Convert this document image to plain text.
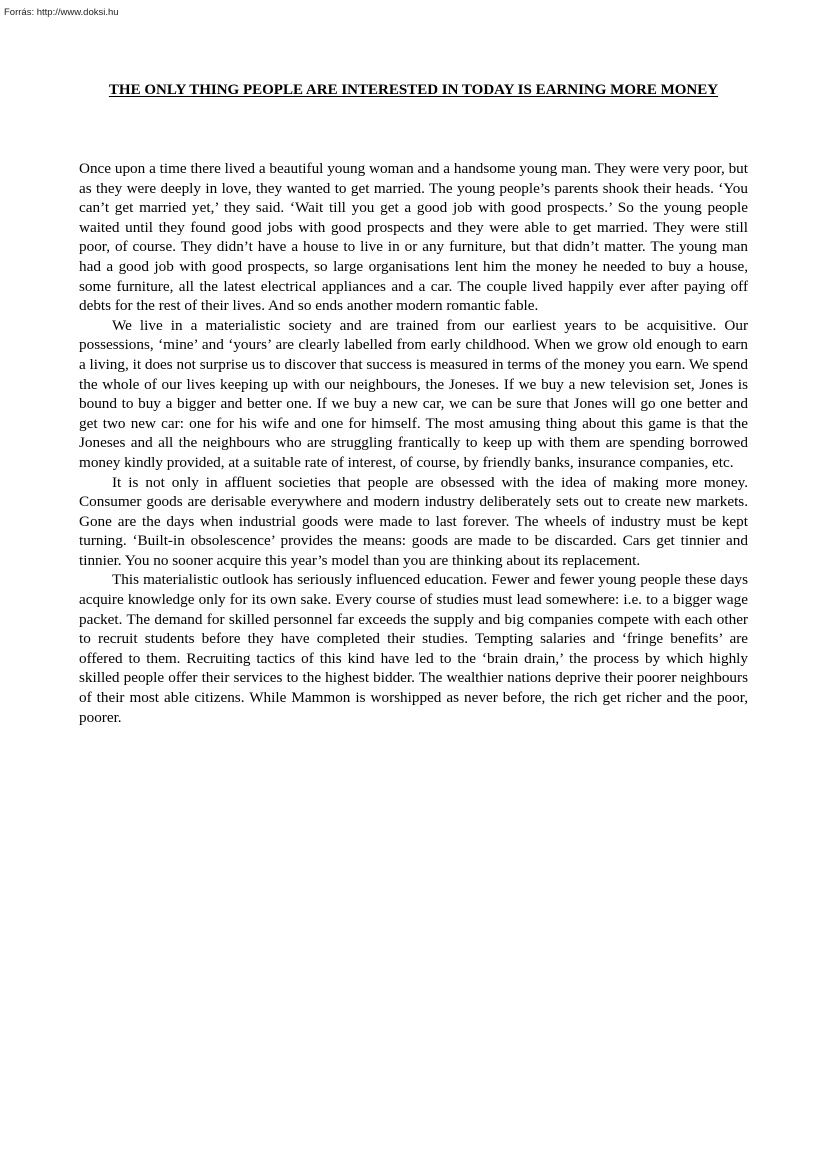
Forrás: http://www.doksi.hu
THE ONLY THING PEOPLE ARE INTERESTED IN TODAY IS EARNING MORE MONEY

Once upon a time there lived a beautiful young woman and a handsome young man. They were very poor, but as they were deeply in love, they wanted to get married. The young people’s parents shook their heads. ‘You can’t get married yet,’ they said. ‘Wait till you get a good job with good prospects.’ So the young people waited until they found good jobs with good prospects and they were able to get married. They were still poor, of course. They didn’t have a house to live in or any furniture, but that didn’t matter. The young man had a good job with good prospects, so large organisations lent him the money he needed to buy a house, some furniture, all the latest electrical appliances and a car. The couple lived happily ever after paying off debts for the rest of their lives. And so ends another modern romantic fable.

We live in a materialistic society and are trained from our earliest years to be acquisitive. Our possessions, ‘mine’ and ‘yours’ are clearly labelled from early childhood. When we grow old enough to earn a living, it does not surprise us to discover that success is measured in terms of the money you earn. We spend the whole of our lives keeping up with our neighbours, the Joneses. If we buy a new television set, Jones is bound to buy a bigger and better one. If we buy a new car, we can be sure that Jones will go one better and get two new car: one for his wife and one for himself. The most amusing thing about this game is that the Joneses and all the neighbours who are struggling frantically to keep up with them are spending borrowed money kindly provided, at a suitable rate of interest, of course, by friendly banks, insurance companies, etc.

It is not only in affluent societies that people are obsessed with the idea of making more money. Consumer goods are derisable everywhere and modern industry deliberately sets out to create new markets. Gone are the days when industrial goods were made to last forever. The wheels of industry must be kept turning. ‘Built-in obsolescence’ provides the means: goods are made to be discarded. Cars get tinnier and tinnier. You no sooner acquire this year’s model than you are thinking about its replacement.

This materialistic outlook has seriously influenced education. Fewer and fewer young people these days acquire knowledge only for its own sake. Every course of studies must lead somewhere: i.e. to a bigger wage packet. The demand for skilled personnel far exceeds the supply and big companies compete with each other to recruit students before they have completed their studies. Tempting salaries and ‘fringe benefits’ are offered to them. Recruiting tactics of this kind have led to the ‘brain drain,’ the process by which highly skilled people offer their services to the highest bidder. The wealthier nations deprive their poorer neighbours of their most able citizens. While Mammon is worshipped as never before, the rich get richer and the poor, poorer.
